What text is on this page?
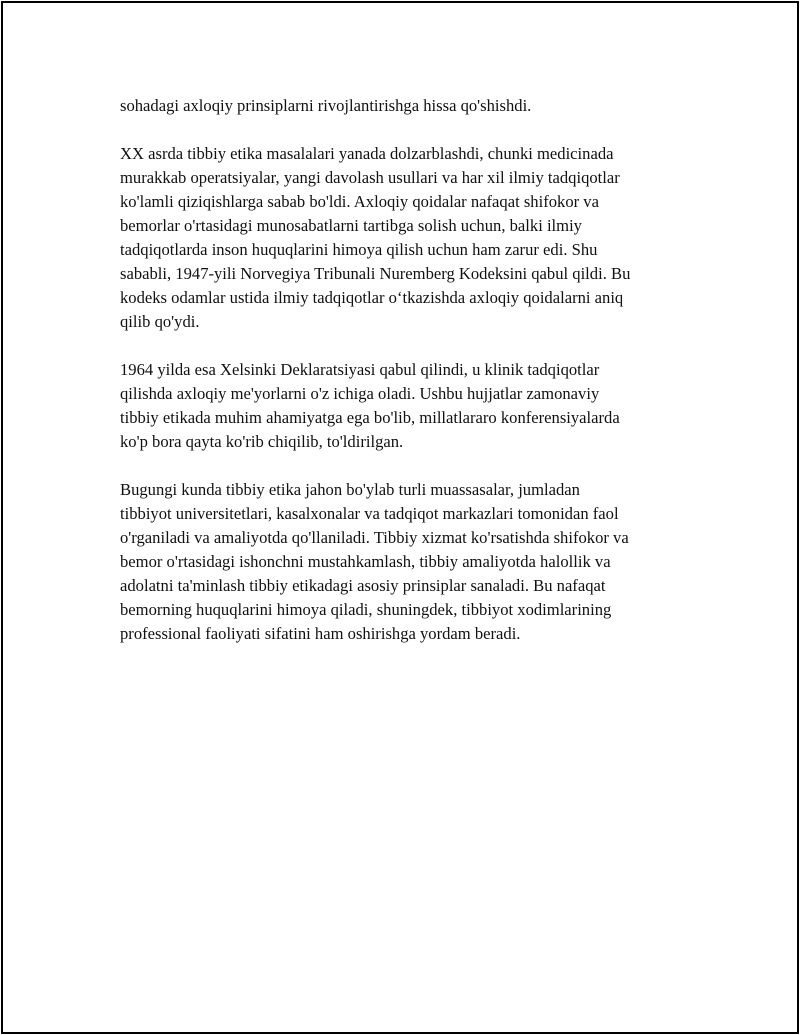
sohadagi axloqiy prinsiplarni rivojlantirishga hissa qo'shishdi.

XX asrda tibbiy etika masalalari yanada dolzarblashdi, chunki medicinada
murakkab operatsiyalar, yangi davolash usullari va har xil ilmiy tadqiqotlar
ko'lamli qiziqishlarga sabab bo'ldi. Axloqiy qoidalar nafaqat shifokor va
bemorlar o'rtasidagi munosabatlarni tartibga solish uchun, balki ilmiy
tadqiqotlarda inson huquqlarini himoya qilish uchun ham zarur edi. Shu
sababli, 1947-yili Norvegiya Tribunali Nuremberg Kodeksini qabul qildi. Bu
kodeks odamlar ustida ilmiy tadqiqotlar o‘tkazishda axloqiy qoidalarni aniq
qilib qo'ydi.

1964 yilda esa Xelsinki Deklaratsiyasi qabul qilindi, u klinik tadqiqotlar
qilishda axloqiy me'yorlarni o'z ichiga oladi. Ushbu hujjatlar zamonaviy
tibbiy etikada muhim ahamiyatga ega bo'lib, millatlararo konferensiyalarda
ko'p bora qayta ko'rib chiqilib, to'ldirilgan.

Bugungi kunda tibbiy etika jahon bo'ylab turli muassasalar, jumladan
tibbiyot universitetlari, kasalxonalar va tadqiqot markazlari tomonidan faol
o'rganiladi va amaliyotda qo'llaniladi. Tibbiy xizmat ko'rsatishda shifokor va
bemor o'rtasidagi ishonchni mustahkamlash, tibbiy amaliyotda halollik va
adolatni ta'minlash tibbiy etikadagi asosiy prinsiplar sanaladi. Bu nafaqat
bemorning huquqlarini himoya qiladi, shuningdek, tibbiyot xodimlarining
professional faoliyati sifatini ham oshirishga yordam beradi.
